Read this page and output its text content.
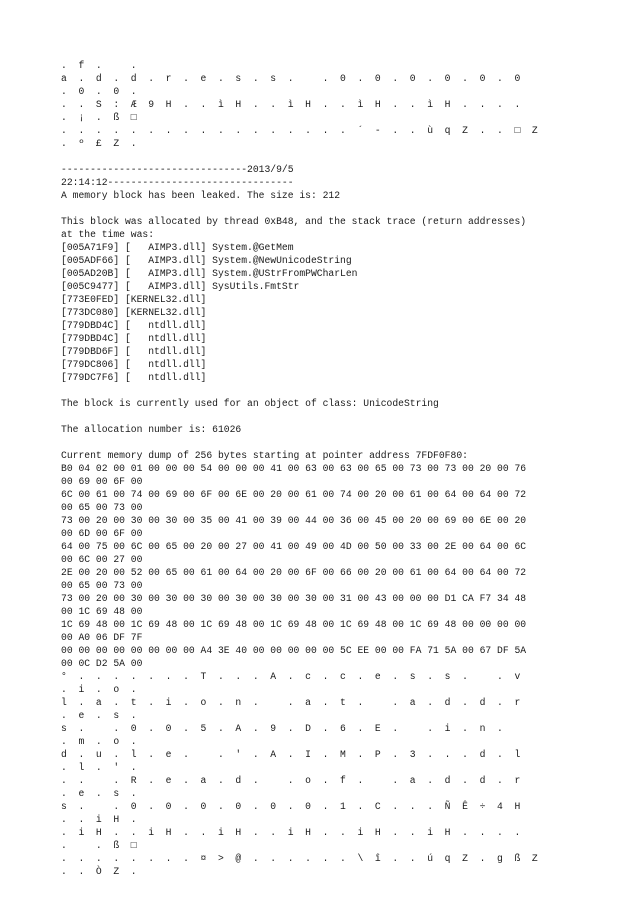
.  f  .     .
a  .  d  .  d  .  r  .  e  .  s  .  s  .     .  0  .  0  .  0  .  0  .  0  .  0
.  0  .  0  .
.  .  S  :  Æ  9  H  .  .  ì  H  .  .  ì  H  .  .  ì  H  .  .  ì  H  .  .  .  .
.  ¡  .  ß  □
.  .  .  .  .  .  .  .  .  .  .  .  .  .  .  .  .  ´  -  .  .  ù  q  Z  .  .  □  Z
.  º  £  Z  .
--------------------------------2013/9/5
22:14:12--------------------------------
A memory block has been leaked. The size is: 212
This block was allocated by thread 0xB48, and the stack trace (return addresses)
at the time was:
[005A71F9] [   AIMP3.dll] System.@GetMem
[005ADF66] [   AIMP3.dll] System.@NewUnicodeString
[005AD20B] [   AIMP3.dll] System.@UStrFromPWCharLen
[005C9477] [   AIMP3.dll] SysUtils.FmtStr
[773E0FED] [KERNEL32.dll]
[773DC080] [KERNEL32.dll]
[779DBD4C] [   ntdll.dll]
[779DBD4C] [   ntdll.dll]
[779DBD6F] [   ntdll.dll]
[779DC806] [   ntdll.dll]
[779DC7F6] [   ntdll.dll]
The block is currently used for an object of class: UnicodeString
The allocation number is: 61026
Current memory dump of 256 bytes starting at pointer address 7FDF0F80:
B0 04 02 00 01 00 00 00 54 00 00 00 41 00 63 00 63 00 65 00 73 00 73 00 20 00 76
00 69 00 6F 00
6C 00 61 00 74 00 69 00 6F 00 6E 00 20 00 61 00 74 00 20 00 61 00 64 00 64 00 72
00 65 00 73 00
73 00 20 00 30 00 30 00 35 00 41 00 39 00 44 00 36 00 45 00 20 00 69 00 6E 00 20
00 6D 00 6F 00
64 00 75 00 6C 00 65 00 20 00 27 00 41 00 49 00 4D 00 50 00 33 00 2E 00 64 00 6C
00 6C 00 27 00
2E 00 20 00 52 00 65 00 61 00 64 00 20 00 6F 00 66 00 20 00 61 00 64 00 64 00 72
00 65 00 73 00
73 00 20 00 30 00 30 00 30 00 30 00 30 00 30 00 31 00 43 00 00 00 D1 CA F7 34 48
00 1C 69 48 00
1C 69 48 00 1C 69 48 00 1C 69 48 00 1C 69 48 00 1C 69 48 00 1C 69 48 00 00 00 00
00 A0 06 DF 7F
00 00 00 00 00 00 00 00 A4 3E 40 00 00 00 00 00 5C EE 00 00 FA 71 5A 00 67 DF 5A
00 0C D2 5A 00
°  .  .  .  .  .  .  .  T  .  .  .  A  .  c  .  c  .  e  .  s  .  s  .     .  v
.  i  .  o  .
l  .  a  .  t  .  i  .  o  .  n  .     .  a  .  t  .     .  a  .  d  .  d  .  r
.  e  .  s  .
s  .     .  0  .  0  .  5  .  A  .  9  .  D  .  6  .  E  .     .  i  .  n  .
.  m  .  o  .
d  .  u  .  l  .  e  .     .  '  .  A  .  I  .  M  .  P  .  3  .  .  .  d  .  l
.  l  .  '  .
.  .     .  R  .  e  .  a  .  d  .     .  o  .  f  .     .  a  .  d  .  d  .  r
.  e  .  s  .
s  .     .  0  .  0  .  0  .  0  .  0  .  0  .  1  .  C  .  .  .  Ñ  Ê  ÷  4  H
.  .  i  H  .
.  i  H  .  .  i  H  .  .  i  H  .  .  i  H  .  .  i  H  .  .  i  H  .  .  .  .
.     .  ß  □
.  .  .  .  .  .  .  .  ¤  >  @  .  .  .  .  .  .  \  î  .  .  ú  q  Z  .  g  ß  Z
.  .  Ò  Z  .
